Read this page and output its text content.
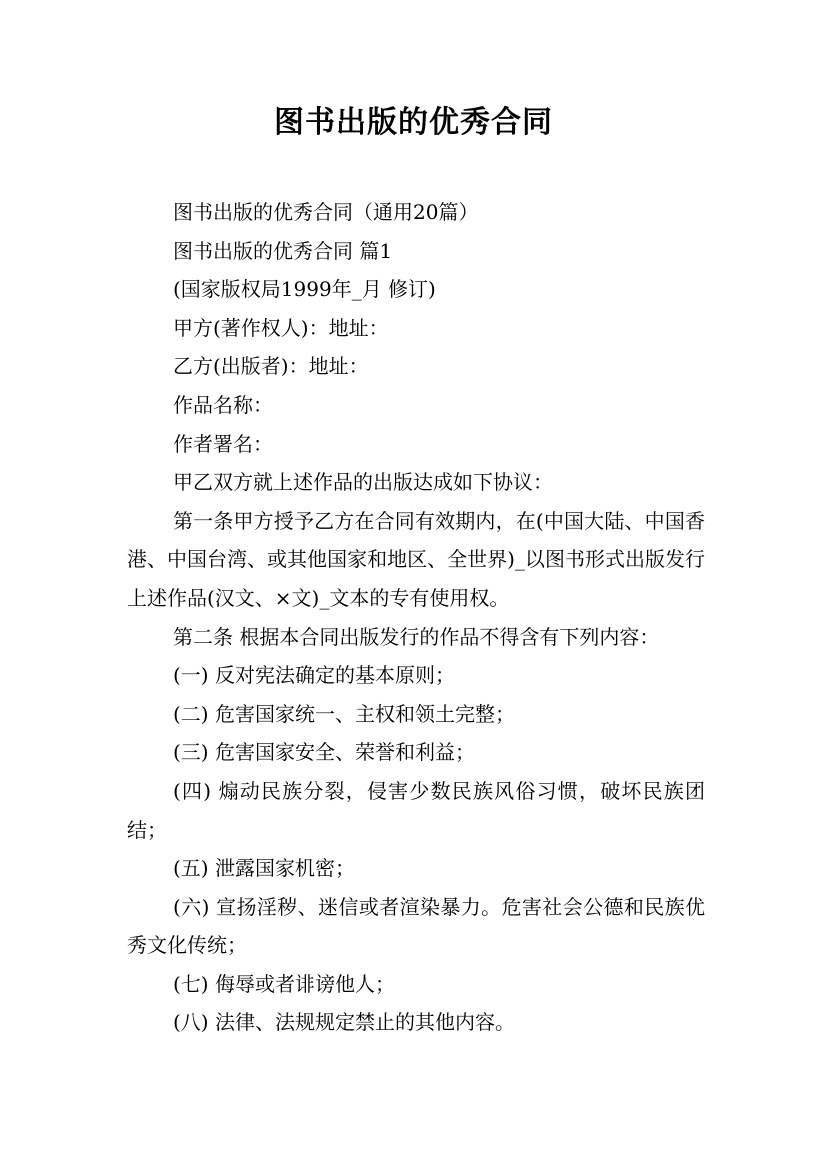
图书出版的优秀合同

图书出版的优秀合同（通用20篇）

图书出版的优秀合同 篇1

(国家版权局1999年_月 修订)

甲方(著作权人)：地址：

乙方(出版者)：地址：

作品名称：

作者署名：

甲乙双方就上述作品的出版达成如下协议：

第一条甲方授予乙方在合同有效期内，在(中国大陆、中国香港、中国台湾、或其他国家和地区、全世界)_以图书形式出版发行上述作品(汉文、×文)_文本的专有使用权。

第二条 根据本合同出版发行的作品不得含有下列内容：

(一) 反对宪法确定的基本原则；

(二) 危害国家统一、主权和领土完整；

(三) 危害国家安全、荣誉和利益；

(四) 煽动民族分裂，侵害少数民族风俗习惯，破坏民族团结；

(五) 泄露国家机密；

(六) 宣扬淫秽、迷信或者渲染暴力。危害社会公德和民族优秀文化传统；

(七) 侮辱或者诽谤他人；

(八) 法律、法规规定禁止的其他内容。
